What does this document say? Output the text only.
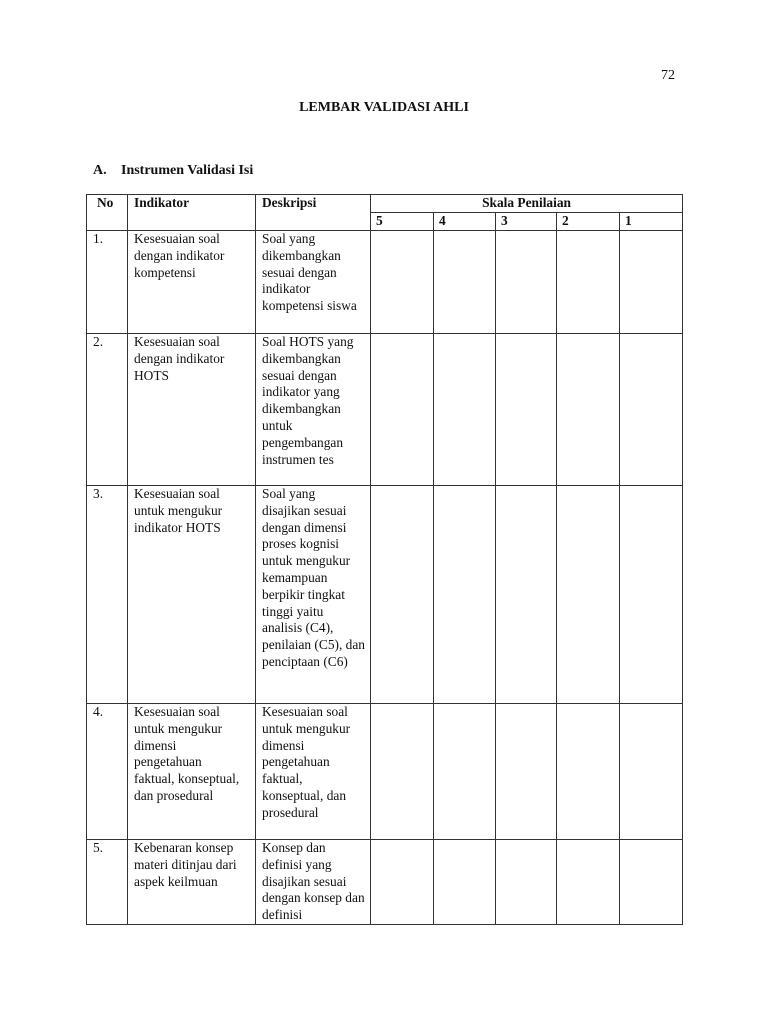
72
LEMBAR VALIDASI AHLI
A. Instrumen Validasi Isi
No	Indikator	Deskripsi	Skala Penilaian				
			5	4	3	2	1
1.	Kesesuaian soal dengan indikator kompetensi	Soal yang dikembangkan sesuai dengan indikator kompetensi siswa					

2.	Kesesuaian soal dengan indikator HOTS	Soal HOTS yang dikembangkan sesuai dengan indikator yang dikembangkan untuk pengembangan instrumen tes					

3.	Kesesuaian soal untuk mengukur indikator HOTS	Soal yang disajikan sesuai dengan dimensi proses kognisi untuk mengukur kemampuan berpikir tingkat tinggi yaitu analisis (C4), penilaian (C5), dan penciptaan (C6)					

4.	Kesesuaian soal untuk mengukur dimensi pengetahuan faktual, konseptual, dan prosedural	Kesesuaian soal untuk mengukur dimensi pengetahuan faktual, konseptual, dan prosedural					

5.	Kebenaran konsep materi ditinjau dari aspek keilmuan	Konsep dan definisi yang disajikan sesuai dengan konsep dan definisi					
